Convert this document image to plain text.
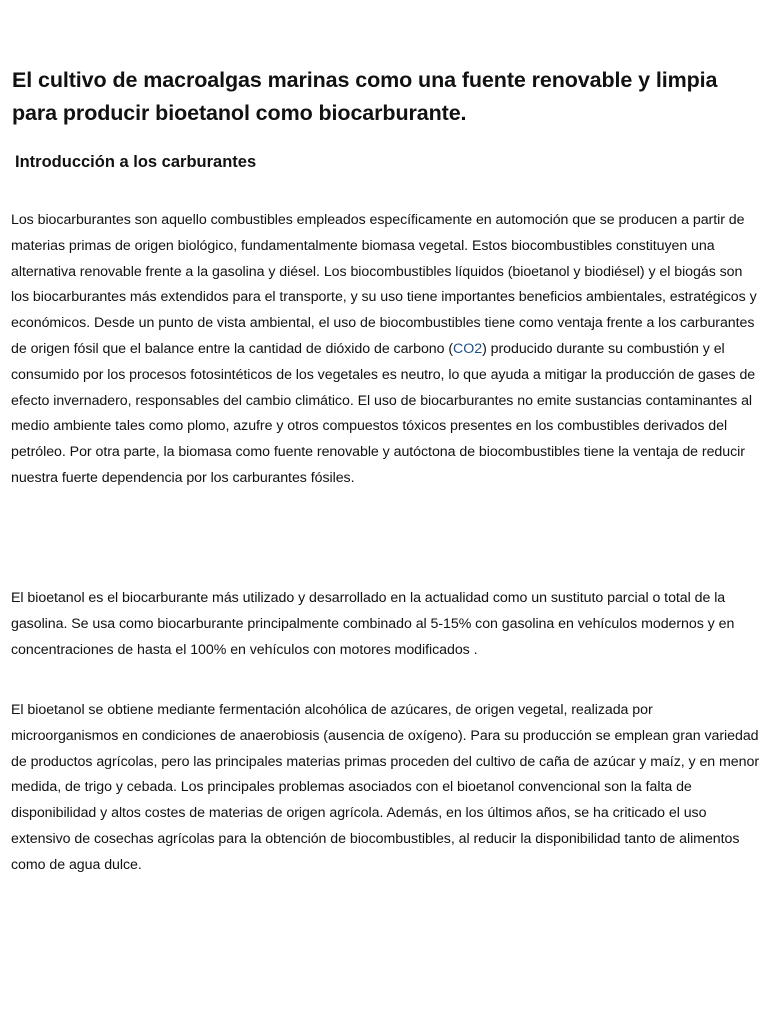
El cultivo de macroalgas marinas como una fuente renovable y limpia para producir bioetanol como biocarburante.
Introducción a los carburantes

Los biocarburantes son aquello combustibles empleados específicamente en automoción que se producen a partir de materias primas de origen biológico, fundamentalmente biomasa vegetal. Estos biocombustibles constituyen una alternativa renovable frente a la gasolina y diésel. Los biocombustibles líquidos (bioetanol y biodiésel) y el biogás son los biocarburantes más extendidos para el transporte, y su uso tiene importantes beneficios ambientales, estratégicos y económicos. Desde un punto de vista ambiental, el uso de biocombustibles tiene como ventaja frente a los carburantes de origen fósil que el balance entre la cantidad de dióxido de carbono (CO2) producido durante su combustión y el consumido por los procesos fotosintéticos de los vegetales es neutro, lo que ayuda a mitigar la producción de gases de efecto invernadero, responsables del cambio climático. El uso de biocarburantes no emite sustancias contaminantes al medio ambiente tales como plomo, azufre y otros compuestos tóxicos presentes en los combustibles derivados del petróleo. Por otra parte, la biomasa como fuente renovable y autóctona de biocombustibles tiene la ventaja de reducir nuestra fuerte dependencia por los carburantes fósiles.

El bioetanol es el biocarburante más utilizado y desarrollado en la actualidad como un sustituto parcial o total de la gasolina. Se usa como biocarburante principalmente combinado al 5-15% con gasolina en vehículos modernos y en concentraciones de hasta el 100% en vehículos con motores modificados .

El bioetanol se obtiene mediante fermentación alcohólica de azúcares, de origen vegetal, realizada por microorganismos en condiciones de anaerobiosis (ausencia de oxígeno). Para su producción se emplean gran variedad de productos agrícolas, pero las principales materias primas proceden del cultivo de caña de azúcar y maíz, y en menor medida, de trigo y cebada. Los principales problemas asociados con el bioetanol convencional son la falta de disponibilidad y altos costes de materias de origen agrícola. Además, en los últimos años, se ha criticado el uso extensivo de cosechas agrícolas para la obtención de biocombustibles, al reducir la disponibilidad tanto de alimentos como de agua dulce.
